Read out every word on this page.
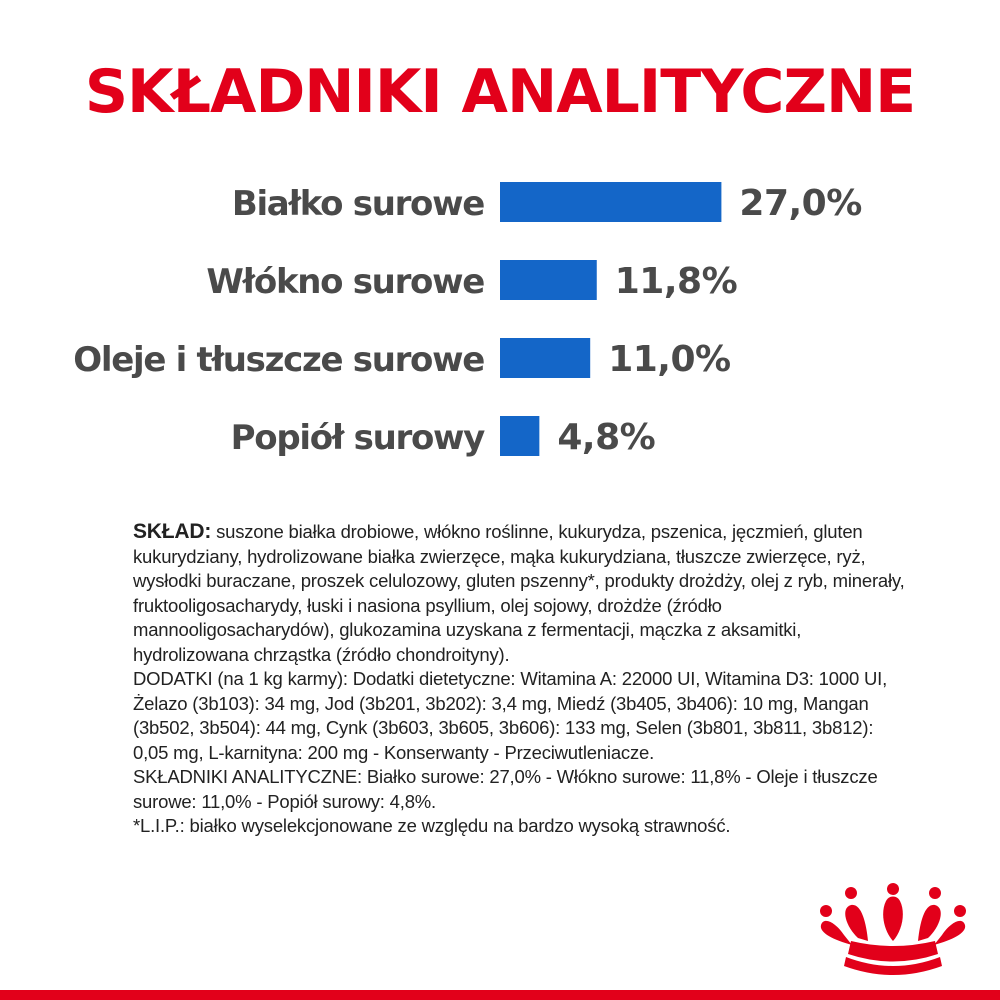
SKŁADNIKI ANALITYCZNE
Białko surowe	27,0%
Włókno surowe	11,8%
Oleje i tłuszcze surowe	11,0%
Popiół surowy 4,8%

SKŁAD: suszone białka drobiowe, włókno roślinne, kukurydza, pszenica, jęczmień, gluten kukurydziany, hydrolizowane białka zwierzęce, mąka kukurydziana, tłuszcze zwierzęce, ryż, wysłodki buraczane, proszek celulozowy, gluten pszenny*, produkty drożdży, olej z ryb, minerały, fruktooligosacharydy, łuski i nasiona psyllium, olej sojowy, drożdże (źródło mannooligosacharydów), glukozamina uzyskana z fermentacji, mączka z aksamitki, hydrolizowana chrząstka (źródło chondroityny).

DODATKI (na 1 kg karmy): Dodatki dietetyczne: Witamina A: 22000 UI, Witamina D3: 1000 UI, Żelazo (3b103): 34 mg, Jod (3b201, 3b202): 3,4 mg, Miedź (3b405, 3b406): 10 mg, Mangan (3b502, 3b504): 44 mg, Cynk (3b603, 3b605, 3b606): 133 mg, Selen (3b801, 3b811, 3b812): 0,05 mg, L-karnityna: 200 mg - Konserwanty - Przeciwutleniacze.

SKŁADNIKI ANALITYCZNE: Białko surowe: 27,0% - Włókno surowe: 11,8% - Oleje i tłuszcze surowe: 11,0% - Popiół surowy: 4,8%.

*L.I.P.: białko wyselekcjonowane ze względu na bardzo wysoką strawność.
